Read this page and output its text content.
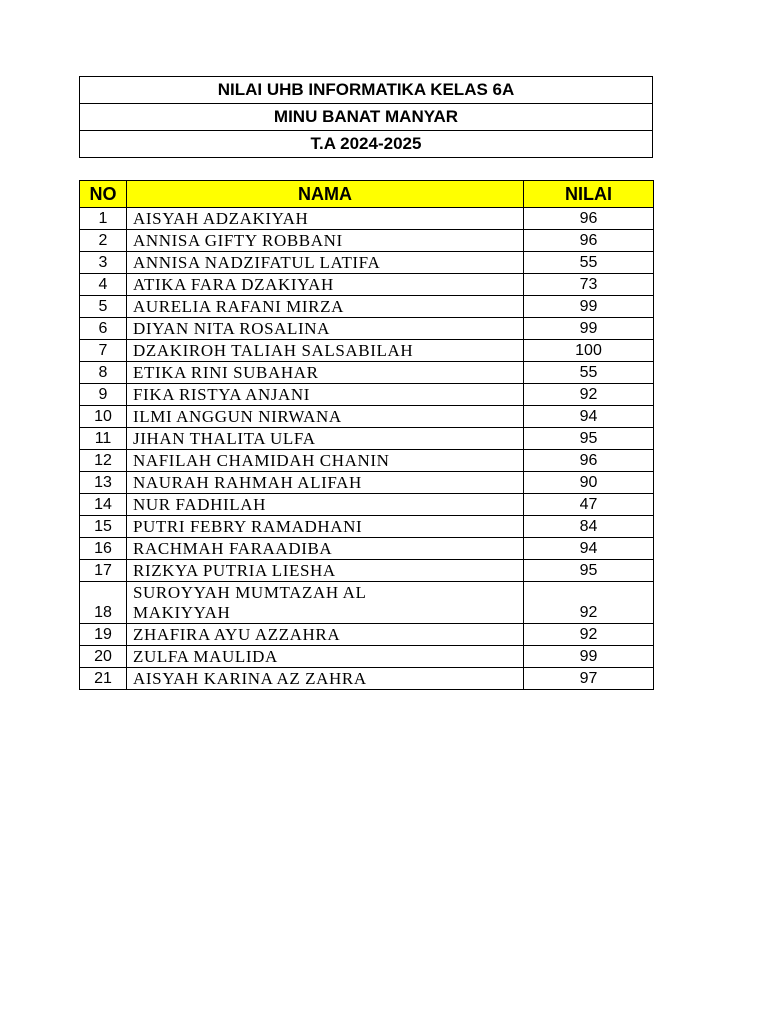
NILAI UHB INFORMATIKA KELAS 6A
MINU BANAT MANYAR
T.A 2024-2025
NO	NAMA	NILAI
1	AISYAH ADZAKIYAH	96
2	ANNISA GIFTY ROBBANI	96
3	ANNISA NADZIFATUL LATIFA	55
4	ATIKA FARA DZAKIYAH	73
5	AURELIA RAFANI MIRZA	99
6	DIYAN NITA ROSALINA	99
7	DZAKIROH TALIAH SALSABILAH	100
8	ETIKA RINI SUBAHAR	55
9	FIKA RISTYA ANJANI	92
10	ILMI ANGGUN NIRWANA	94
11	JIHAN THALITA ULFA	95
12	NAFILAH CHAMIDAH CHANIN	96
13	NAURAH RAHMAH ALIFAH	90
14	NUR FADHILAH	47
15	PUTRI FEBRY RAMADHANI	84
16	RACHMAH FARAADIBA	94
17	RIZKYA PUTRIA LIESHA	95
18	SUROYYAH MUMTAZAH AL
MAKIYYAH	92
19	ZHAFIRA AYU AZZAHRA	92
20	ZULFA MAULIDA	99
21	AISYAH KARINA AZ ZAHRA	97
